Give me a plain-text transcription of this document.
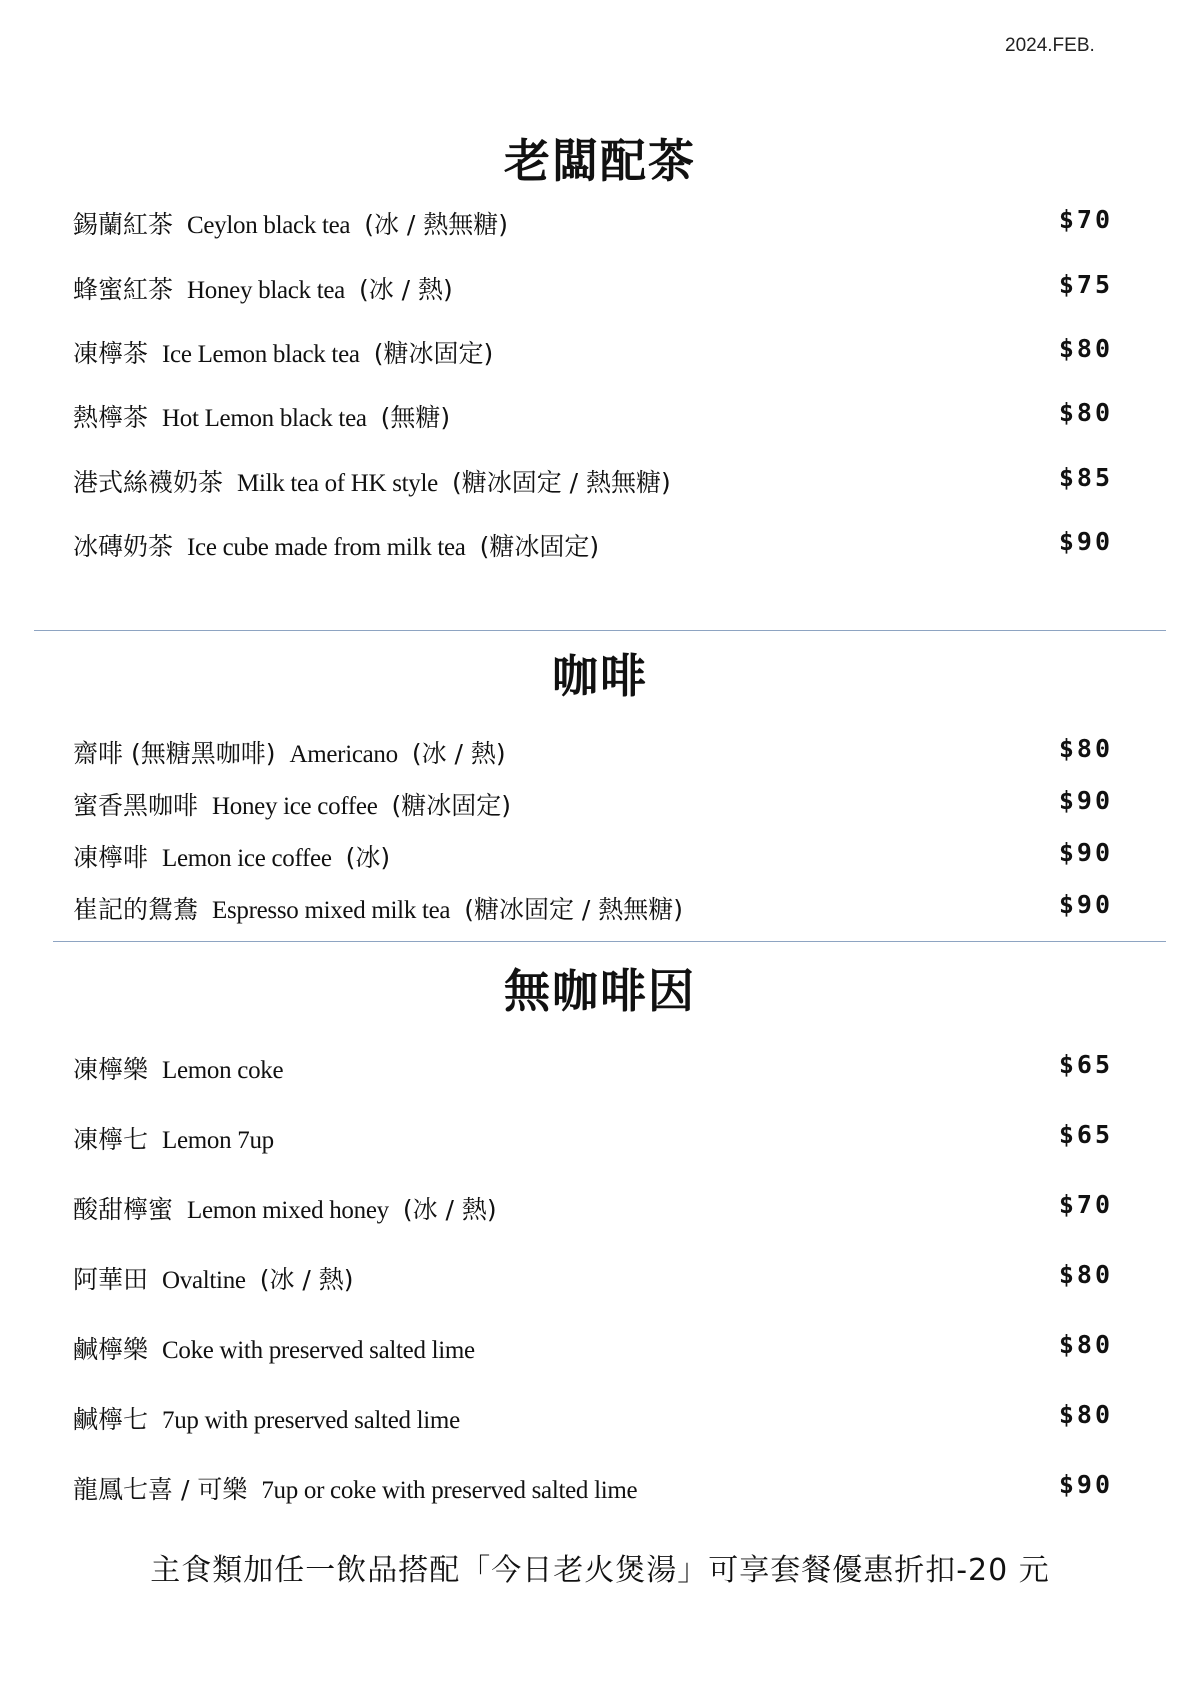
2024.FEB.
老闆配茶
錫蘭紅茶 Ceylon black tea (冰 / 熱無糖)	$70
蜂蜜紅茶 Honey black tea (冰 / 熱)	$75
凍檸茶 Ice Lemon black tea (糖冰固定)	$80
熱檸茶 Hot Lemon black tea (無糖)	$80
港式絲襪奶茶 Milk tea of HK style (糖冰固定 / 熱無糖)	$85
冰磚奶茶 Ice cube made from milk tea (糖冰固定)	$90
咖啡
齋啡 (無糖黑咖啡) Americano (冰 / 熱)	$80
蜜香黑咖啡 Honey ice coffee (糖冰固定)	$90
凍檸啡 Lemon ice coffee (冰)	$90
崔記的鴛鴦 Espresso mixed milk tea (糖冰固定 / 熱無糖)	$90
無咖啡因
凍檸樂 Lemon coke	$65
凍檸七 Lemon 7up	$65
酸甜檸蜜 Lemon mixed honey (冰 / 熱)	$70
阿華田 Ovaltine (冰 / 熱)	$80
鹹檸樂 Coke with preserved salted lime	$80
鹹檸七 7up with preserved salted lime	$80
龍鳳七喜 / 可樂 7up or coke with preserved salted lime	$90
主食類加任一飲品搭配「今日老火煲湯」可享套餐優惠折扣-20 元
